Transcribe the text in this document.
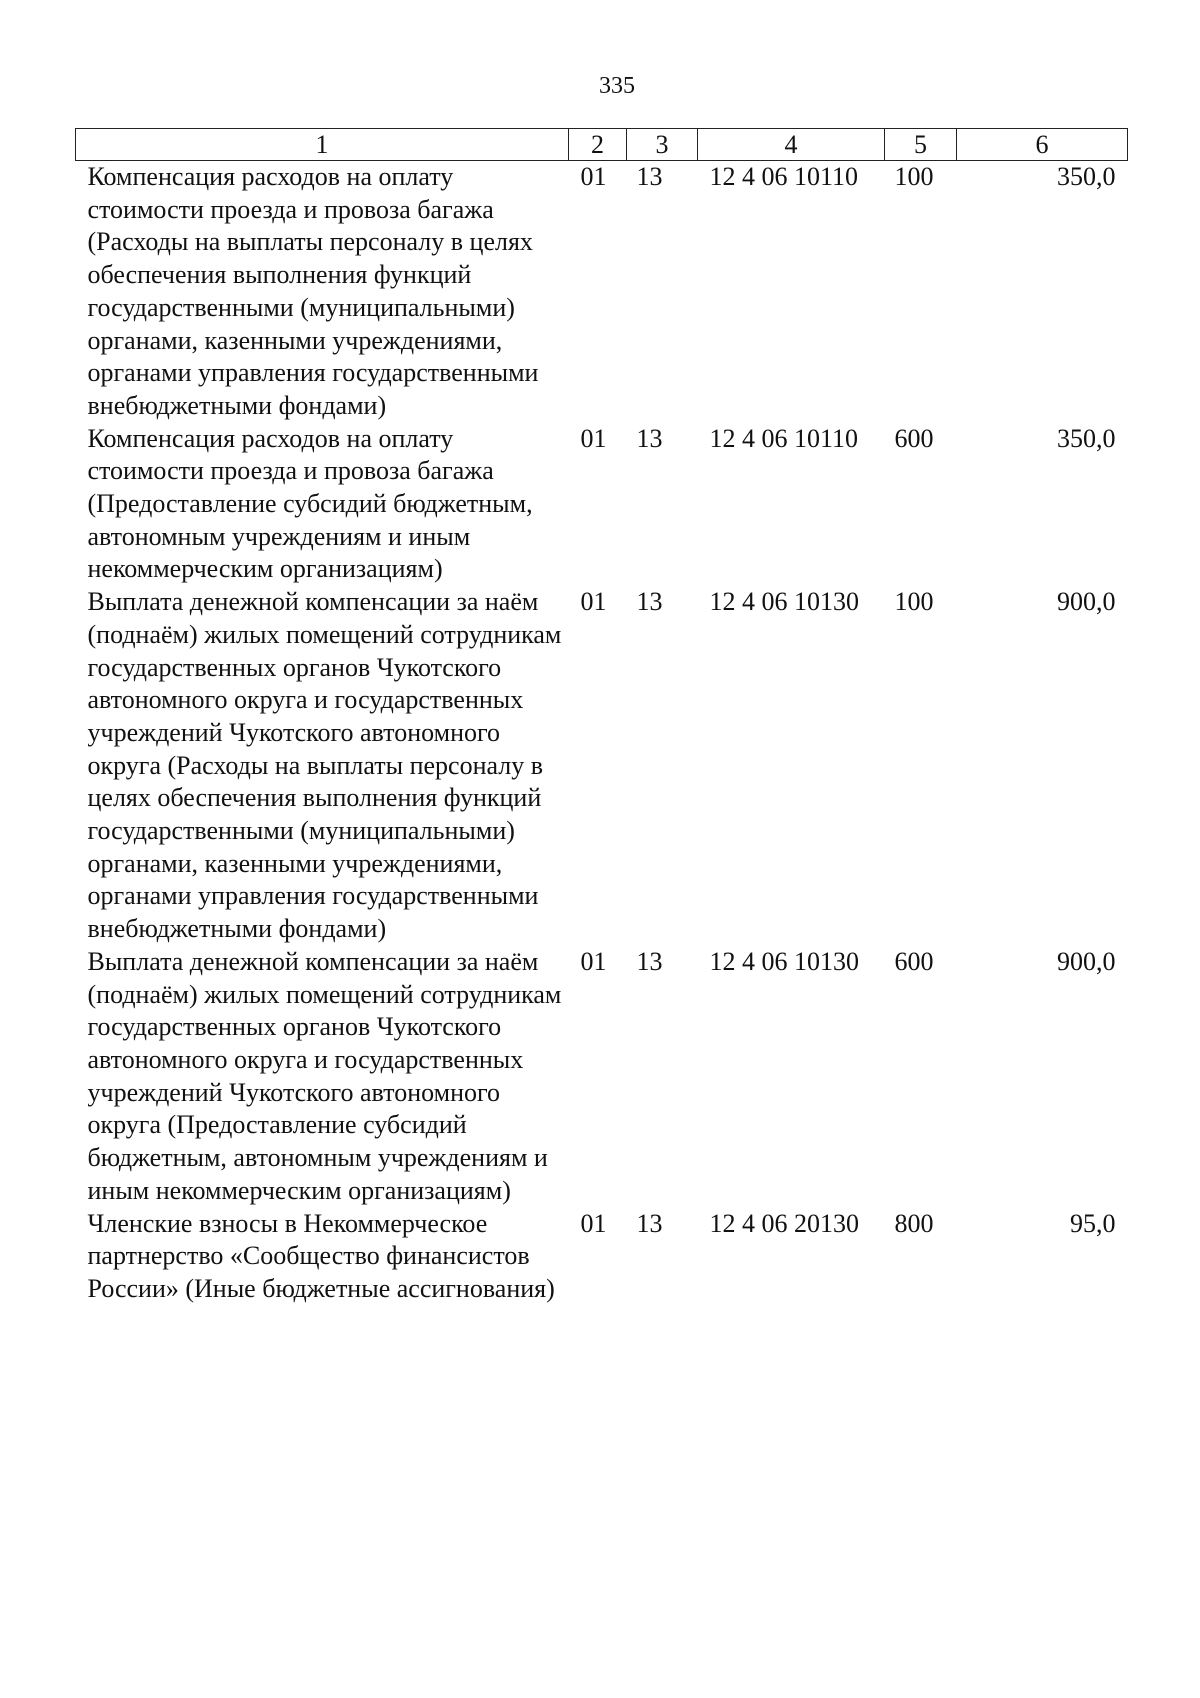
335
1	2	3	4	5	6
Компенсация расходов на оплату стоимости проезда и провоза багажа (Расходы на выплаты персоналу в целях обеспечения выполнения функций государственными (муниципальными) органами, казенными учреждениями, органами управления государственными внебюджетными фондами)	01	13	12 4 06 10110	100	350,0
Компенсация расходов на оплату стоимости проезда и провоза багажа (Предоставление субсидий бюджетным, автономным учреждениям и иным некоммерческим организациям)	01	13	12 4 06 10110	600	350,0
Выплата денежной компенсации за наём (поднаём) жилых помещений сотрудникам государственных органов Чукотского автономного округа и государственных учреждений Чукотского автономного округа (Расходы на выплаты персоналу в целях обеспечения выполнения функций государственными (муниципальными) органами, казенными учреждениями, органами управления государственными внебюджетными фондами)	01	13	12 4 06 10130	100	900,0
Выплата денежной компенсации за наём (поднаём) жилых помещений сотрудникам государственных органов Чукотского автономного округа и государственных учреждений Чукотского автономного округа (Предоставление субсидий бюджетным, автономным учреждениям и иным некоммерческим организациям)	01	13	12 4 06 10130	600	900,0
Членские взносы в Некоммерческое партнерство «Сообщество финансистов России» (Иные бюджетные ассигнования)	01	13	12 4 06 20130	800	95,0
